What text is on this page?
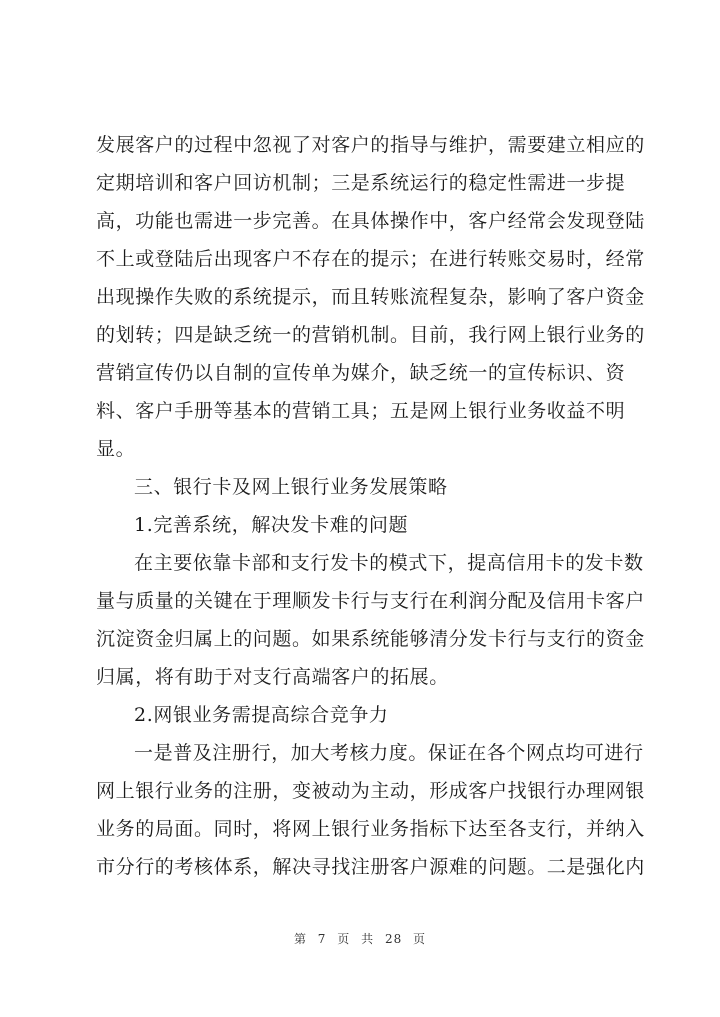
发展客户的过程中忽视了对客户的指导与维护，需要建立相应的
定期培训和客户回访机制；三是系统运行的稳定性需进一步提
高，功能也需进一步完善。在具体操作中，客户经常会发现登陆
不上或登陆后出现客户不存在的提示；在进行转账交易时，经常
出现操作失败的系统提示，而且转账流程复杂，影响了客户资金
的划转；四是缺乏统一的营销机制。目前，我行网上银行业务的
营销宣传仍以自制的宣传单为媒介，缺乏统一的宣传标识、资
料、客户手册等基本的营销工具；五是网上银行业务收益不明
显。
三、银行卡及网上银行业务发展策略
1.完善系统，解决发卡难的问题
在主要依靠卡部和支行发卡的模式下，提高信用卡的发卡数
量与质量的关键在于理顺发卡行与支行在利润分配及信用卡客户
沉淀资金归属上的问题。如果系统能够清分发卡行与支行的资金
归属，将有助于对支行高端客户的拓展。
2.网银业务需提高综合竞争力
一是普及注册行，加大考核力度。保证在各个网点均可进行
网上银行业务的注册，变被动为主动，形成客户找银行办理网银
业务的局面。同时，将网上银行业务指标下达至各支行，并纳入
市分行的考核体系，解决寻找注册客户源难的问题。二是强化内
第 7 页 共 28 页
